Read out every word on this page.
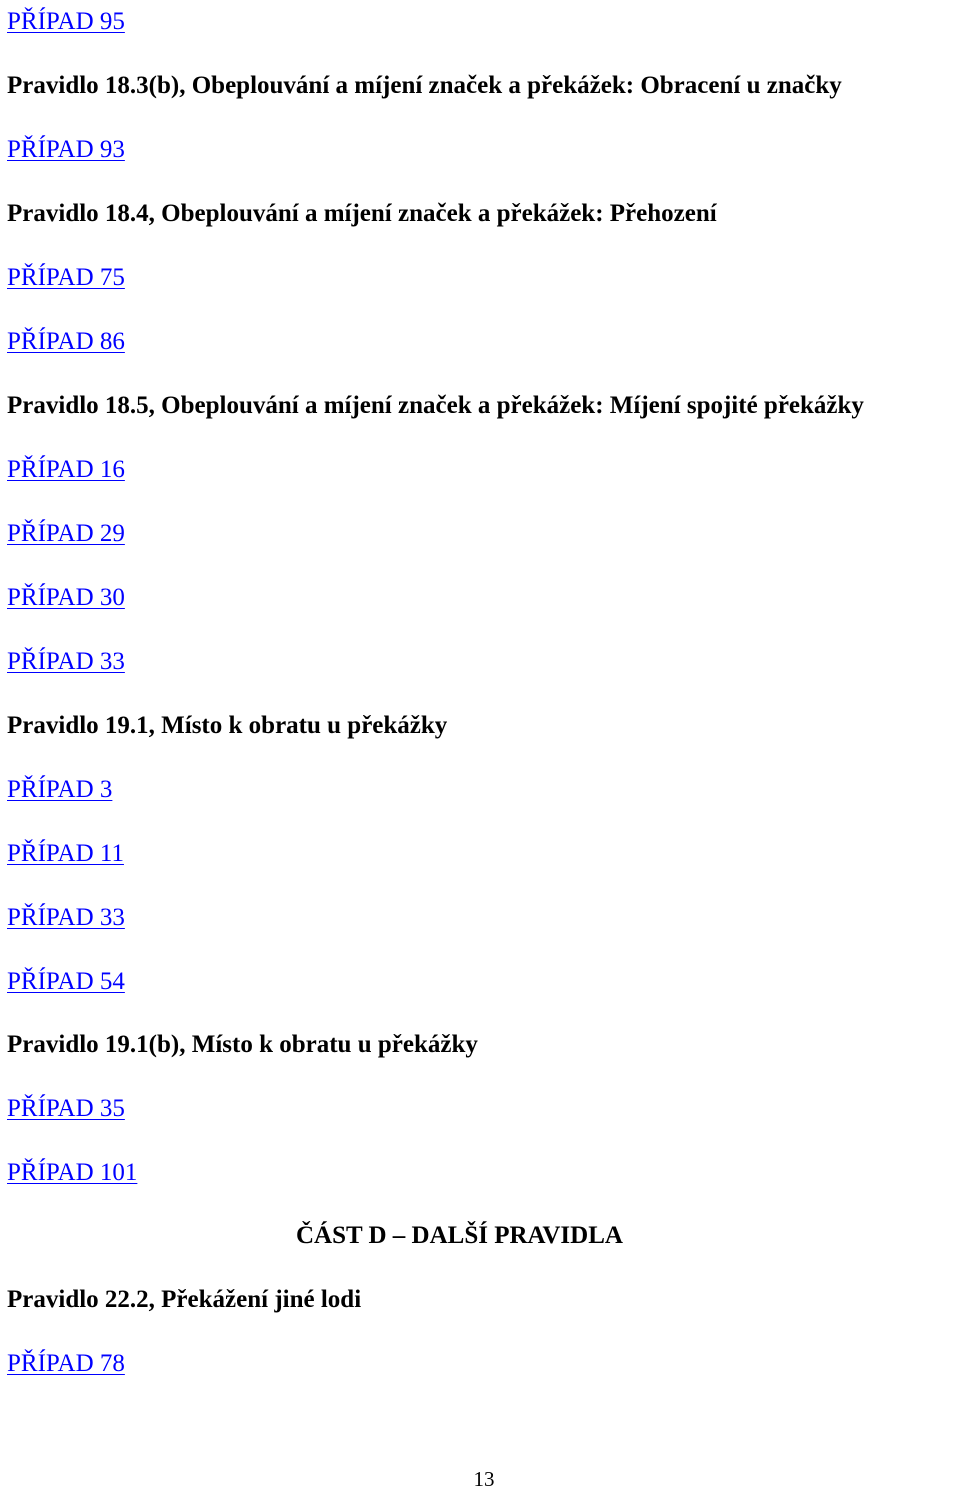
PŘÍPAD 95
Pravidlo 18.3(b), Obeplouvání a míjení značek a překážek: Obracení u značky
PŘÍPAD 93
Pravidlo 18.4, Obeplouvání a míjení značek a překážek: Přehození
PŘÍPAD 75
PŘÍPAD 86
Pravidlo 18.5, Obeplouvání a míjení značek a překážek: Míjení spojité překážky
PŘÍPAD 16
PŘÍPAD 29
PŘÍPAD 30
PŘÍPAD 33
Pravidlo 19.1, Místo k obratu u překážky
PŘÍPAD 3
PŘÍPAD 11
PŘÍPAD 33
PŘÍPAD 54
Pravidlo 19.1(b), Místo k obratu u překážky
PŘÍPAD 35
PŘÍPAD 101
ČÁST D – DALŠÍ PRAVIDLA
Pravidlo 22.2, Překážení jiné lodi
PŘÍPAD 78
13
